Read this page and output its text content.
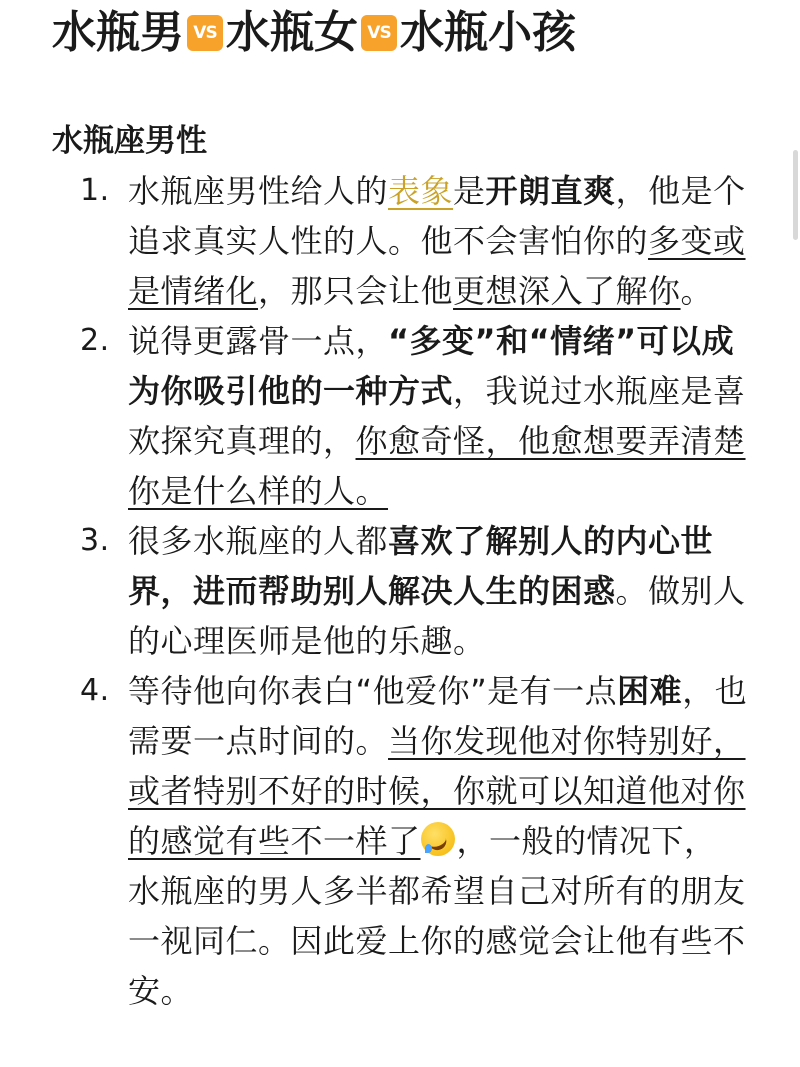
水瓶男 VS 水瓶女 VS 水瓶小孩
水瓶座男性
1. 水瓶座男性给人的表象是开朗直爽，他是个追求真实人性的人。他不会害怕你的多变或是情绪化，那只会让他更想深入了解你。
2. 说得更露骨一点，“多变”和“情绪”可以成为你吸引他的一种方式，我说过水瓶座是喜欢探究真理的，你愈奇怪，他愈想要弄清楚你是什么样的人。
3. 很多水瓶座的人都喜欢了解别人的内心世界，进而帮助别人解决人生的困惑。做别人的心理医师是他的乐趣。
4. 等待他向你表白“他爱你”是有一点困难，也需要一点时间的。当你发现他对你特别好，或者特别不好的时候，你就可以知道他对你的感觉有些不一样了 ，一般的情况下，水瓶座的男人多半都希望自己对所有的朋友一视同仁。因此爱上你的感觉会让他有些不安。
